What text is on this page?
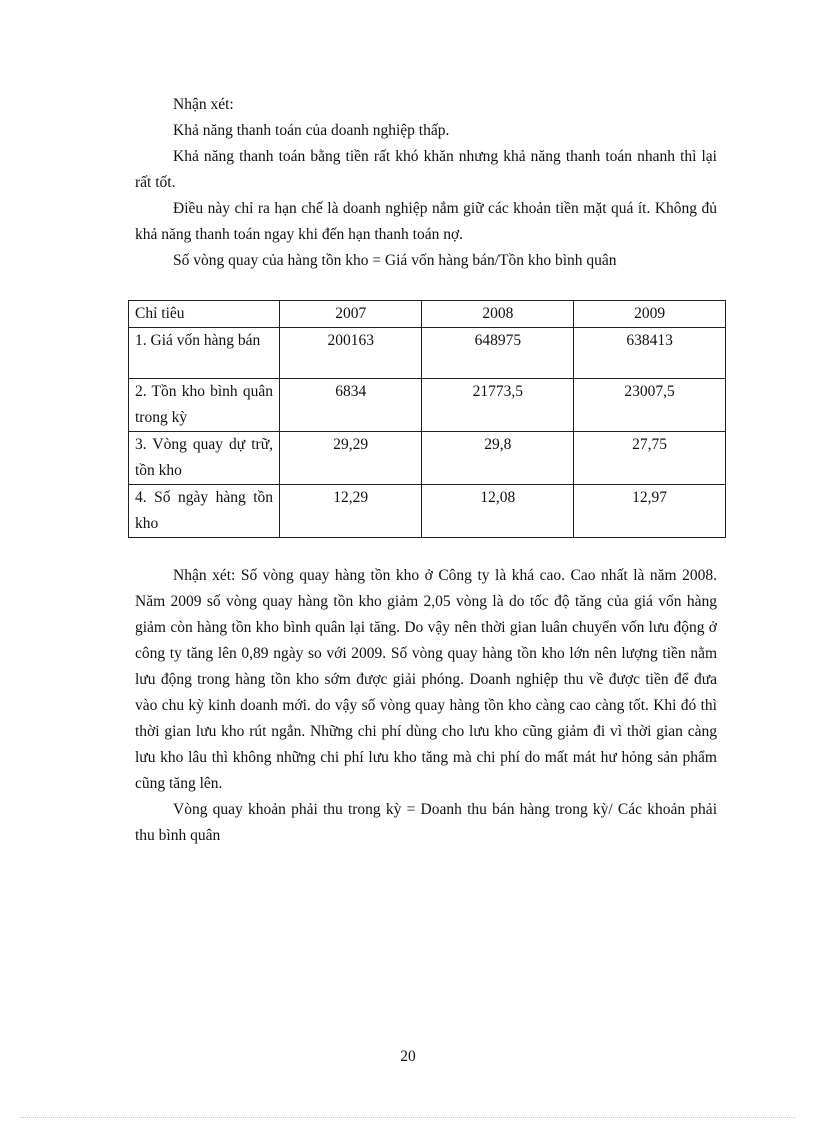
Nhận xét:

Khả năng thanh toán của doanh nghiệp thấp.

Khả năng thanh toán bằng tiền rất khó khăn nhưng khả năng thanh toán nhanh thì lại rất tốt.

Điều này chỉ ra hạn chế là doanh nghiệp nắm giữ các khoản tiền mặt quá ít. Không đủ khả năng thanh toán ngay khi đến hạn thanh toán nợ.

Số vòng quay của hàng tồn kho = Giá vốn hàng bán/Tồn kho bình quân

Chỉ tiêu	2007	2008	2009
1. Giá vốn hàng bán	200163	648975	638413
2. Tồn kho bình quân trong kỳ	6834	21773,5	23007,5
3. Vòng quay dự trữ, tồn kho	29,29	29,8	27,75
4. Số ngày hàng tồn kho	12,29	12,08	12,97

Nhận xét: Số vòng quay hàng tồn kho ở Công ty là khá cao. Cao nhất là năm 2008. Năm 2009 số vòng quay hàng tồn kho giảm 2,05 vòng là do tốc độ tăng của giá vốn hàng giảm còn hàng tồn kho bình quân lại tăng. Do vậy nên thời gian luân chuyển vốn lưu động ở công ty tăng lên 0,89 ngày so với 2009. Số vòng quay hàng tồn kho lớn nên lượng tiền nằm lưu động trong hàng tồn kho sớm được giải phóng. Doanh nghiệp thu về được tiền để đưa vào chu kỳ kinh doanh mới. do vậy số vòng quay hàng tồn kho càng cao càng tốt. Khi đó thì thời gian lưu kho rút ngắn. Những chi phí dùng cho lưu kho cũng giảm đi vì thời gian càng lưu kho lâu thì không những chi phí lưu kho tăng mà chi phí do mất mát hư hỏng sản phẩm cũng tăng lên.

Vòng quay khoản phải thu trong kỳ = Doanh thu bán hàng trong kỳ/ Các khoản phải thu bình quân

20
